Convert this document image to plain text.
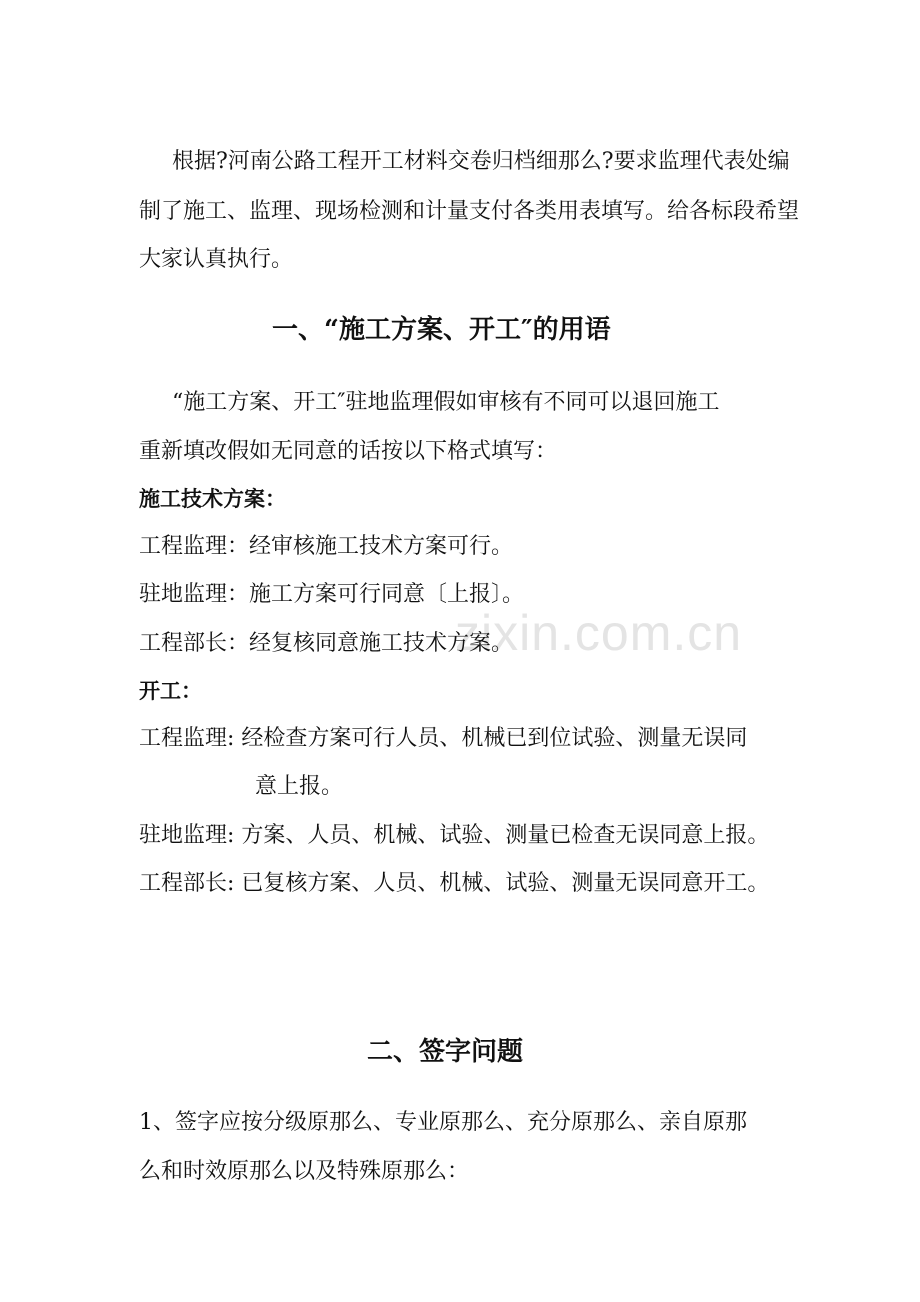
zixin.com.cn
根据?河南公路工程开工材料交卷归档细那么?要求监理代表处编
制了施工、监理、现场检测和计量支付各类用表填写。给各标段希望
大家认真执行。
一、“施工方案、开工″的用语
“施工方案、开工″驻地监理假如审核有不同可以退回施工
重新填改假如无同意的话按以下格式填写：
施工技术方案：
工程监理：经审核施工技术方案可行。
驻地监理：施工方案可行同意〔上报〕。
工程部长：经复核同意施工技术方案。
开工：
工程监理: 经检查方案可行人员、机械已到位试验、测量无误同
意上报。
驻地监理: 方案、人员、机械、试验、测量已检查无误同意上报。
工程部长: 已复核方案、人员、机械、试验、测量无误同意开工。
二、签字问题
1、签字应按分级原那么、专业原那么、充分原那么、亲自原那
么和时效原那么以及特殊原那么：
